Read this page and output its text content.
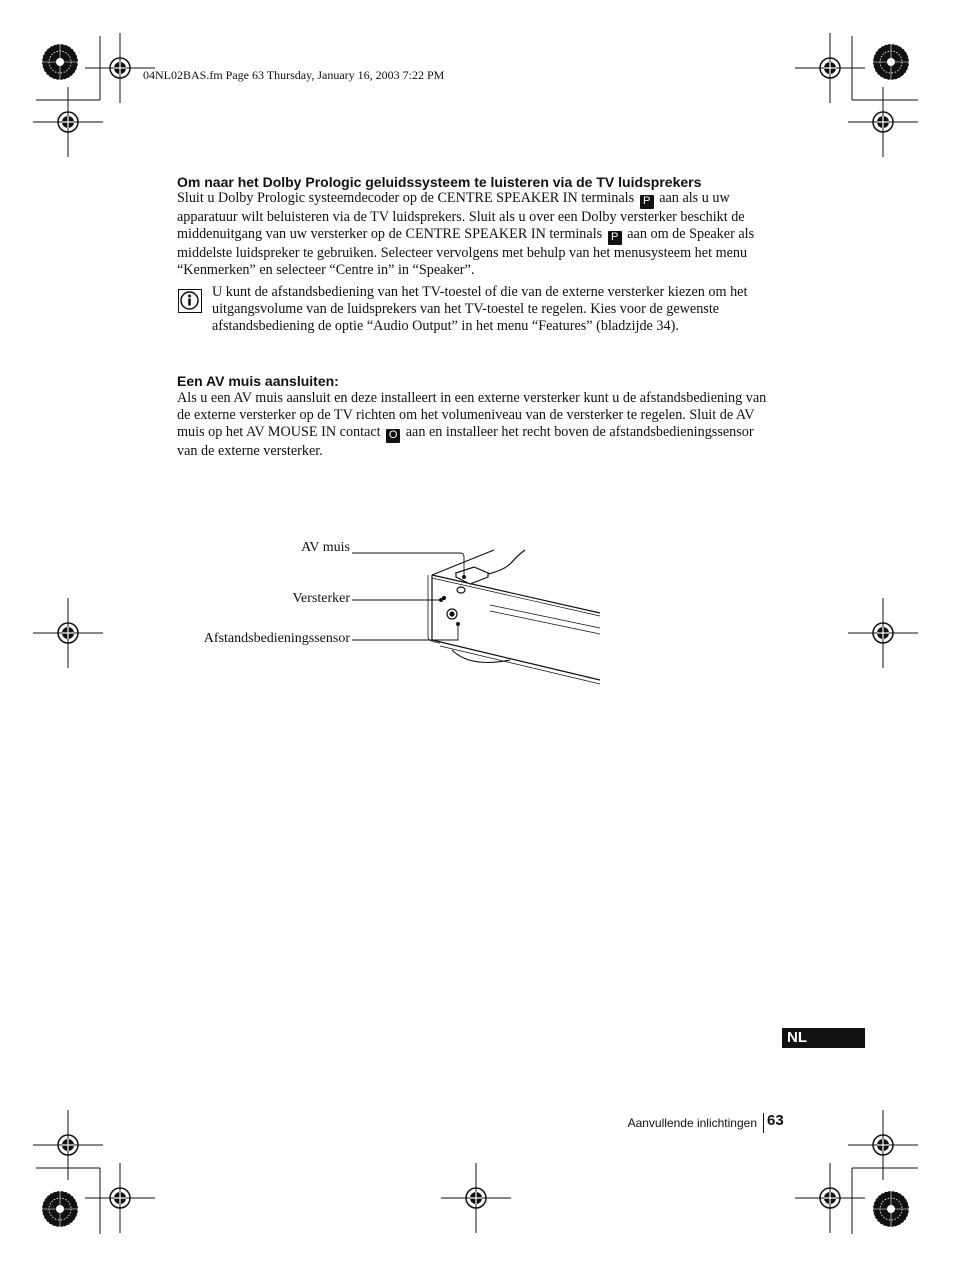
04NL02BAS.fm Page 63 Thursday, January 16, 2003 7:22 PM
Om naar het Dolby Prologic geluidssysteem te luisteren via de TV luidsprekers

Sluit u Dolby Prologic systeemdecoder op de CENTRE SPEAKER IN terminals P aan als u uw apparatuur wilt beluisteren via de TV luidsprekers. Sluit als u over een Dolby versterker beschikt de middenuitgang van uw versterker op de CENTRE SPEAKER IN terminals P aan om de Speaker als middelste luidspreker te gebruiken. Selecteer vervolgens met behulp van het menusysteem het menu “Kenmerken” en selecteer “Centre in” in “Speaker”.

U kunt de afstandsbediening van het TV-toestel of die van de externe versterker kiezen om het uitgangsvolume van de luidsprekers van het TV-toestel te regelen. Kies voor de gewenste afstandsbediening de optie “Audio Output” in het menu “Features” (bladzijde 34).

Een AV muis aansluiten:

Als u een AV muis aansluit en deze installeert in een externe versterker kunt u de afstandsbediening van de externe versterker op de TV richten om het volumeniveau van de versterker te regelen. Sluit de AV muis op het AV MOUSE IN contact O aan en installeer het recht boven de afstandsbedieningssensor van de externe versterker.

AV muis
Versterker
Afstandsbedieningssensor
NL
Aanvullende inlichtingen 63
